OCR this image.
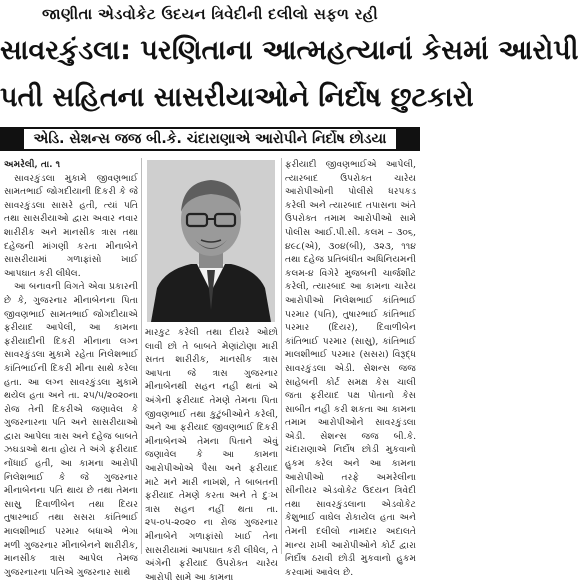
જાણીતા એડવોકેટ ઉદયન ત્રિવેદીની દલીલો સફળ રહી
સાવરકુંડલા: પરણિતાના આત્મહત્યાનાં કેસમાં આરોપી
પતી સહિતના સાસરીયાઓને નિર્દોષ છુટકારો
એડિ. સેશન્સ જજ બી.કે. ચંદારાણાએ આરોપીને નિર્દોષ છોડયા

અમરેલી, તા. ૧

સાવરકુંડલા મુકામે જીવણભાઈ સામતભાઈ જોગદીયાની દિકરી કે જે સાવરકુંડલા સાસરે હતી, ત્યાં પતિ તથા સાસરીયાઓ દ્વારા અવાર નવાર શારીરીક અને માનસીક ત્રાસ તથા દહેજની માંગણી કરતા મીનાબેને સાસરીયામાં ગળાફાંસો ખાઈ આપઘાત કરી લીધેલ.

આ બનાવની વિગતે એવા પ્રકારની છે કે, ગુજરનાર મીનાબેનના પિતા જીવણભાઈ સામતભાઈ જોગદીયાએ ફરીયાદ આપેલી, આ કામના ફરીયાદીની દિકરી મીનાના લગ્ન સાવરકુંડલા મુકામે રહેતા નિલેશભાઈ કાંતિભાઈની દિકરી મીના સાથે કરેલા હતા. આ લગ્ન સાવરકુંડલા મુકામે થયેલ હતા અને તા. ૨૫/૫/૨૦૨૦ના રોજ તેની દિકરીએ જણાવેલ કે ગુજરનારના પતિ અને સાસરીયાઓ દ્વારા આપેલા ત્રાસ અને દહેજ બાબતે ઝઘડાઓ થતા હોય તે અંગે ફરીયાદ નોંધાઈ હતી, આ કામના આરોપી નિલેશભાઈ કે જે ગુજરનાર મીનાબેનના પતિ થાય છે તથા તેમના સાસુ દિવાળીબેન તથા દિયર તુષારભાઈ તથા સસરા કાંતિભાઈ માલશીભાઈ પરમાર બધાએ ભેગા મળી ગુજરનાર મીનાબેનને શારીરીક, માનસીક ત્રાસ આપેલ તેમજ ગુજરનારના પતિએ ગુજરનાર સાથે

મારકુટ કરેલી તથા દીયરે ઓછો લાવી છો તે બાબતે મેણાંટોણા મારી સતત શારીરીક, માનસીક ત્રાસ આપતા જે ત્રાસ ગુજરનાર મીનાબેનથી સહન નહી થતાં એ અંગેની ફરીયાદ તેમણે તેમના પિતા જીવણભાઈ તથા કુટુંબીઓને કરેલી, અને આ ફરીયાદ જીવણભાઈ દિકરી મીનાબેનએ તેમના પિતાને એવું જણાવેલ કે આ કામના આરોપીઓએ પૈસા અને ફરીયાદ માટે મને મારી નાખશે, તે બાબતની ફરીયાદ તેમણે કરતા અને તે દુઃખ ત્રાસ સહન નહીં થતા તા. ૨૫-૦૫-૨૦૨૦ ના રોજ ગુજરનાર મીનાબેને ગળાફાંસો ખાઈ તેના સાસરીયામાં આપઘાત કરી લીધેલ, તે અંગેની ફરીયાદ ઉપરોક્ત ચારેય આરોપી સામે આ કામના

ફરીયાદી જીવણભાઈએ આપેલી, ત્યારબાદ ઉપરોક્ત ચારેય આરોપીઓની પોલીસે ધરપકડ કરેલી અને ત્યારબાદ તપાસના અંતે ઉપરોક્ત તમામ આરોપીઓ સામે પોલીસ આઈ.પી.સી. કલમ – ૩૦૬, ૪૯૮(એ), ૩૦૪(બી), ૩૨૩, ૧૧૪ તથા દહેજ પ્રતિબંધીત અધિનિયમની કલમ-૪ વિગેરે મુજબની ચાર્જશીટ કરેલી, ત્યારબાદ આ કામના ચારેય આરોપીઓ નિલેશભાઈ કાંતિભાઈ પરમાર (પતિ), તુષારભાઈ કાંતિભાઈ પરમાર (દિયર), દિવાળીબેન કાંતિભાઈ પરમાર (સાસુ), કાંતિભાઈ માલશીભાઈ પરમાર (સસરા) વિરૂદ્ધ સાવરકુંડલા એડી. સેશન્સ જજ સાહેબની કોર્ટ સમક્ષ કેસ ચાલી જતા ફરીયાદ પક્ષ પોતાનો કેસ સાબીત નહી કરી શકતા આ કામના તમામ આરોપીઓને સાવરકુંડલા એડી. સેશન્સ જજ બી.કે. ચંદારાણાએ નિર્દોષ છોડી મુકવાનો હુકમ કરેલ અને આ કામના આરોપીઓ તરફે અમરેલીના સીનીયર એડવોકેટ ઉદયન ત્રિવેદી તથા સાવરકુંડલાના એડવોકેટ કેશુભાઈ વાઘેલ રોકાયેલ હતા અને તેમની દલીલો નામદાર અદાલતે માન્ય રાખી આરોપીઓને કોર્ટ દ્વારા નિર્દોષ ઠરાવી છોડી મુકવાનો હુકમ કરવામાં આવેલ છે.
